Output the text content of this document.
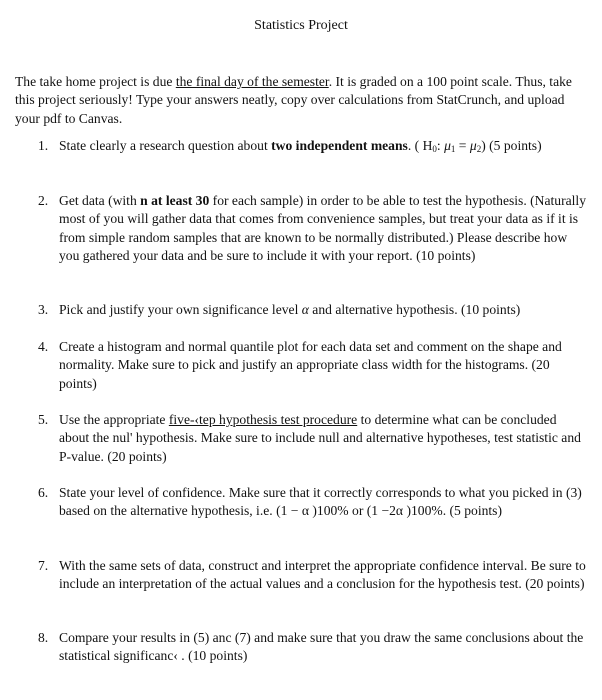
Statistics Project

The take home project is due the final day of the semester. It is graded on a 100 point scale. Thus, take this project seriously! Type your answers neatly, copy over calculations from StatCrunch, and upload your pdf to Canvas.

1. State clearly a research question about two independent means. ( $H_0$: $\mu_1 = \mu_2$) (5 points)
2. Get data (with n at least 30 for each sample) in order to be able to test the hypothesis. (Naturally most of you will gather data that comes from convenience samples, but treat your data as if it is from simple random samples that are known to be normally distributed.) Please describe how you gathered your data and be sure to include it with your report. (10 points)
3. Pick and justify your own significance level α and alternative hypothesis. (10 points)
4. Create a histogram and normal quantile plot for each data set and comment on the shape and normality. Make sure to pick and justify an appropriate class width for the histograms. (20 points)
5. Use the appropriate five-‹tep hypothesis test procedure to determine what can be concluded about the nul' hypothesis. Make sure to include null and alternative hypotheses, test statistic and P-value. (20 points)
6. State your level of confidence. Make sure that it correctly corresponds to what you picked in (3) based on the alternative hypothesis, i.e. (1 − α )100% or (1 −2α )100%. (5 points)
7. With the same sets of data, construct and interpret the appropriate confidence interval. Be sure to include an interpretation of the actual values and a conclusion for the hypothesis test. (20 points)
8. Compare your results in (5) anc (7) and make sure that you draw the same conclusions about the statistical significanc‹ . (10 points)
